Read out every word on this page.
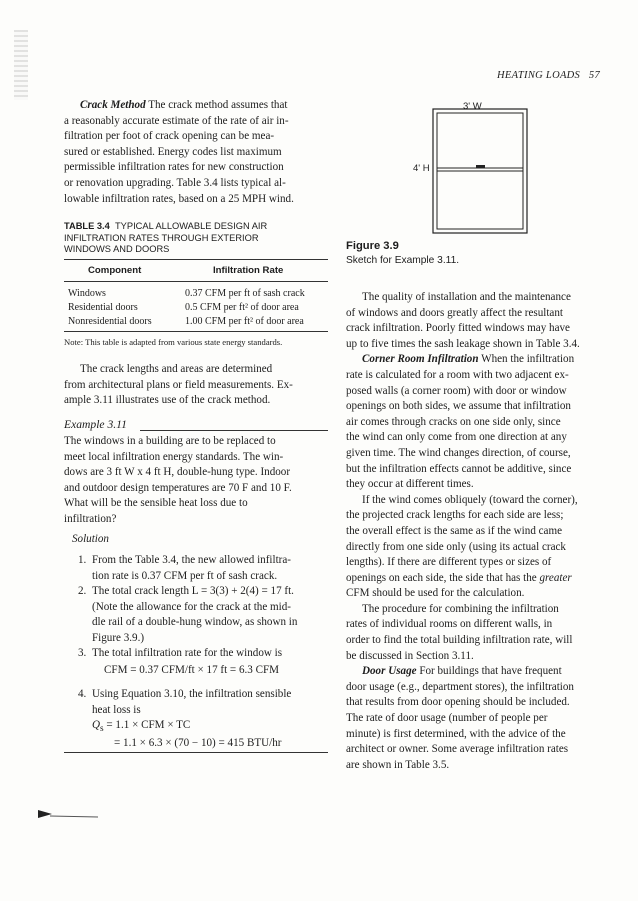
HEATING LOADS 57

Crack Method The crack method assumes that

a reasonably accurate estimate of the rate of air in-

filtration per foot of crack opening can be mea-

sured or established. Energy codes list maximum

permissible infiltration rates for new construction

or renovation upgrading. Table 3.4 lists typical al-

lowable infiltration rates, based on a 25 MPH wind.

TABLE 3.4 TYPICAL ALLOWABLE DESIGN AIR
INFILTRATION RATES THROUGH EXTERIOR
WINDOWS AND DOORS
Component	Infiltration Rate
Windows	0.37 CFM per ft of sash crack
Residential doors	0.5 CFM per ft² of door area
Nonresidential doors	1.00 CFM per ft² of door area
Note: This table is adapted from various state energy standards.

The crack lengths and areas are determined

from architectural plans or field measurements. Ex-

ample 3.11 illustrates use of the crack method.

Example 3.11

The windows in a building are to be replaced to

meet local infiltration energy standards. The win-

dows are 3 ft W x 4 ft H, double-hung type. Indoor

and outdoor design temperatures are 70 F and 10 F.

What will be the sensible heat loss due to

infiltration?

Solution
1. From the Table 3.4, the new allowed infiltra-
tion rate is 0.37 CFM per ft of sash crack.
2. The total crack length L = 3(3) + 2(4) = 17 ft.
(Note the allowance for the crack at the mid-
dle rail of a double-hung window, as shown in
Figure 3.9.)
3. The total infiltration rate for the window is
CFM = 0.37 CFM/ft × 17 ft = 6.3 CFM
4. Using Equation 3.10, the infiltration sensible
heat loss is
$Q_s = 1.1$ × CFM × TC
= 1.1 × 6.3 × (70 − 10) = 415 BTU/hr
3' W
4' H
Figure 3.9
Sketch for Example 3.11.

The quality of installation and the maintenance

of windows and doors greatly affect the resultant

crack infiltration. Poorly fitted windows may have

up to five times the sash leakage shown in Table 3.4.

Corner Room Infiltration When the infiltration

rate is calculated for a room with two adjacent ex-

posed walls (a corner room) with door or window

openings on both sides, we assume that infiltration

air comes through cracks on one side only, since

the wind can only come from one direction at any

given time. The wind changes direction, of course,

but the infiltration effects cannot be additive, since

they occur at different times.

If the wind comes obliquely (toward the corner),

the projected crack lengths for each side are less;

the overall effect is the same as if the wind came

directly from one side only (using its actual crack

lengths). If there are different types or sizes of

openings on each side, the side that has the greater

CFM should be used for the calculation.

The procedure for combining the infiltration

rates of individual rooms on different walls, in

order to find the total building infiltration rate, will

be discussed in Section 3.11.

Door Usage For buildings that have frequent

door usage (e.g., department stores), the infiltration

that results from door opening should be included.

The rate of door usage (number of people per

minute) is first determined, with the advice of the

architect or owner. Some average infiltration rates

are shown in Table 3.5.
